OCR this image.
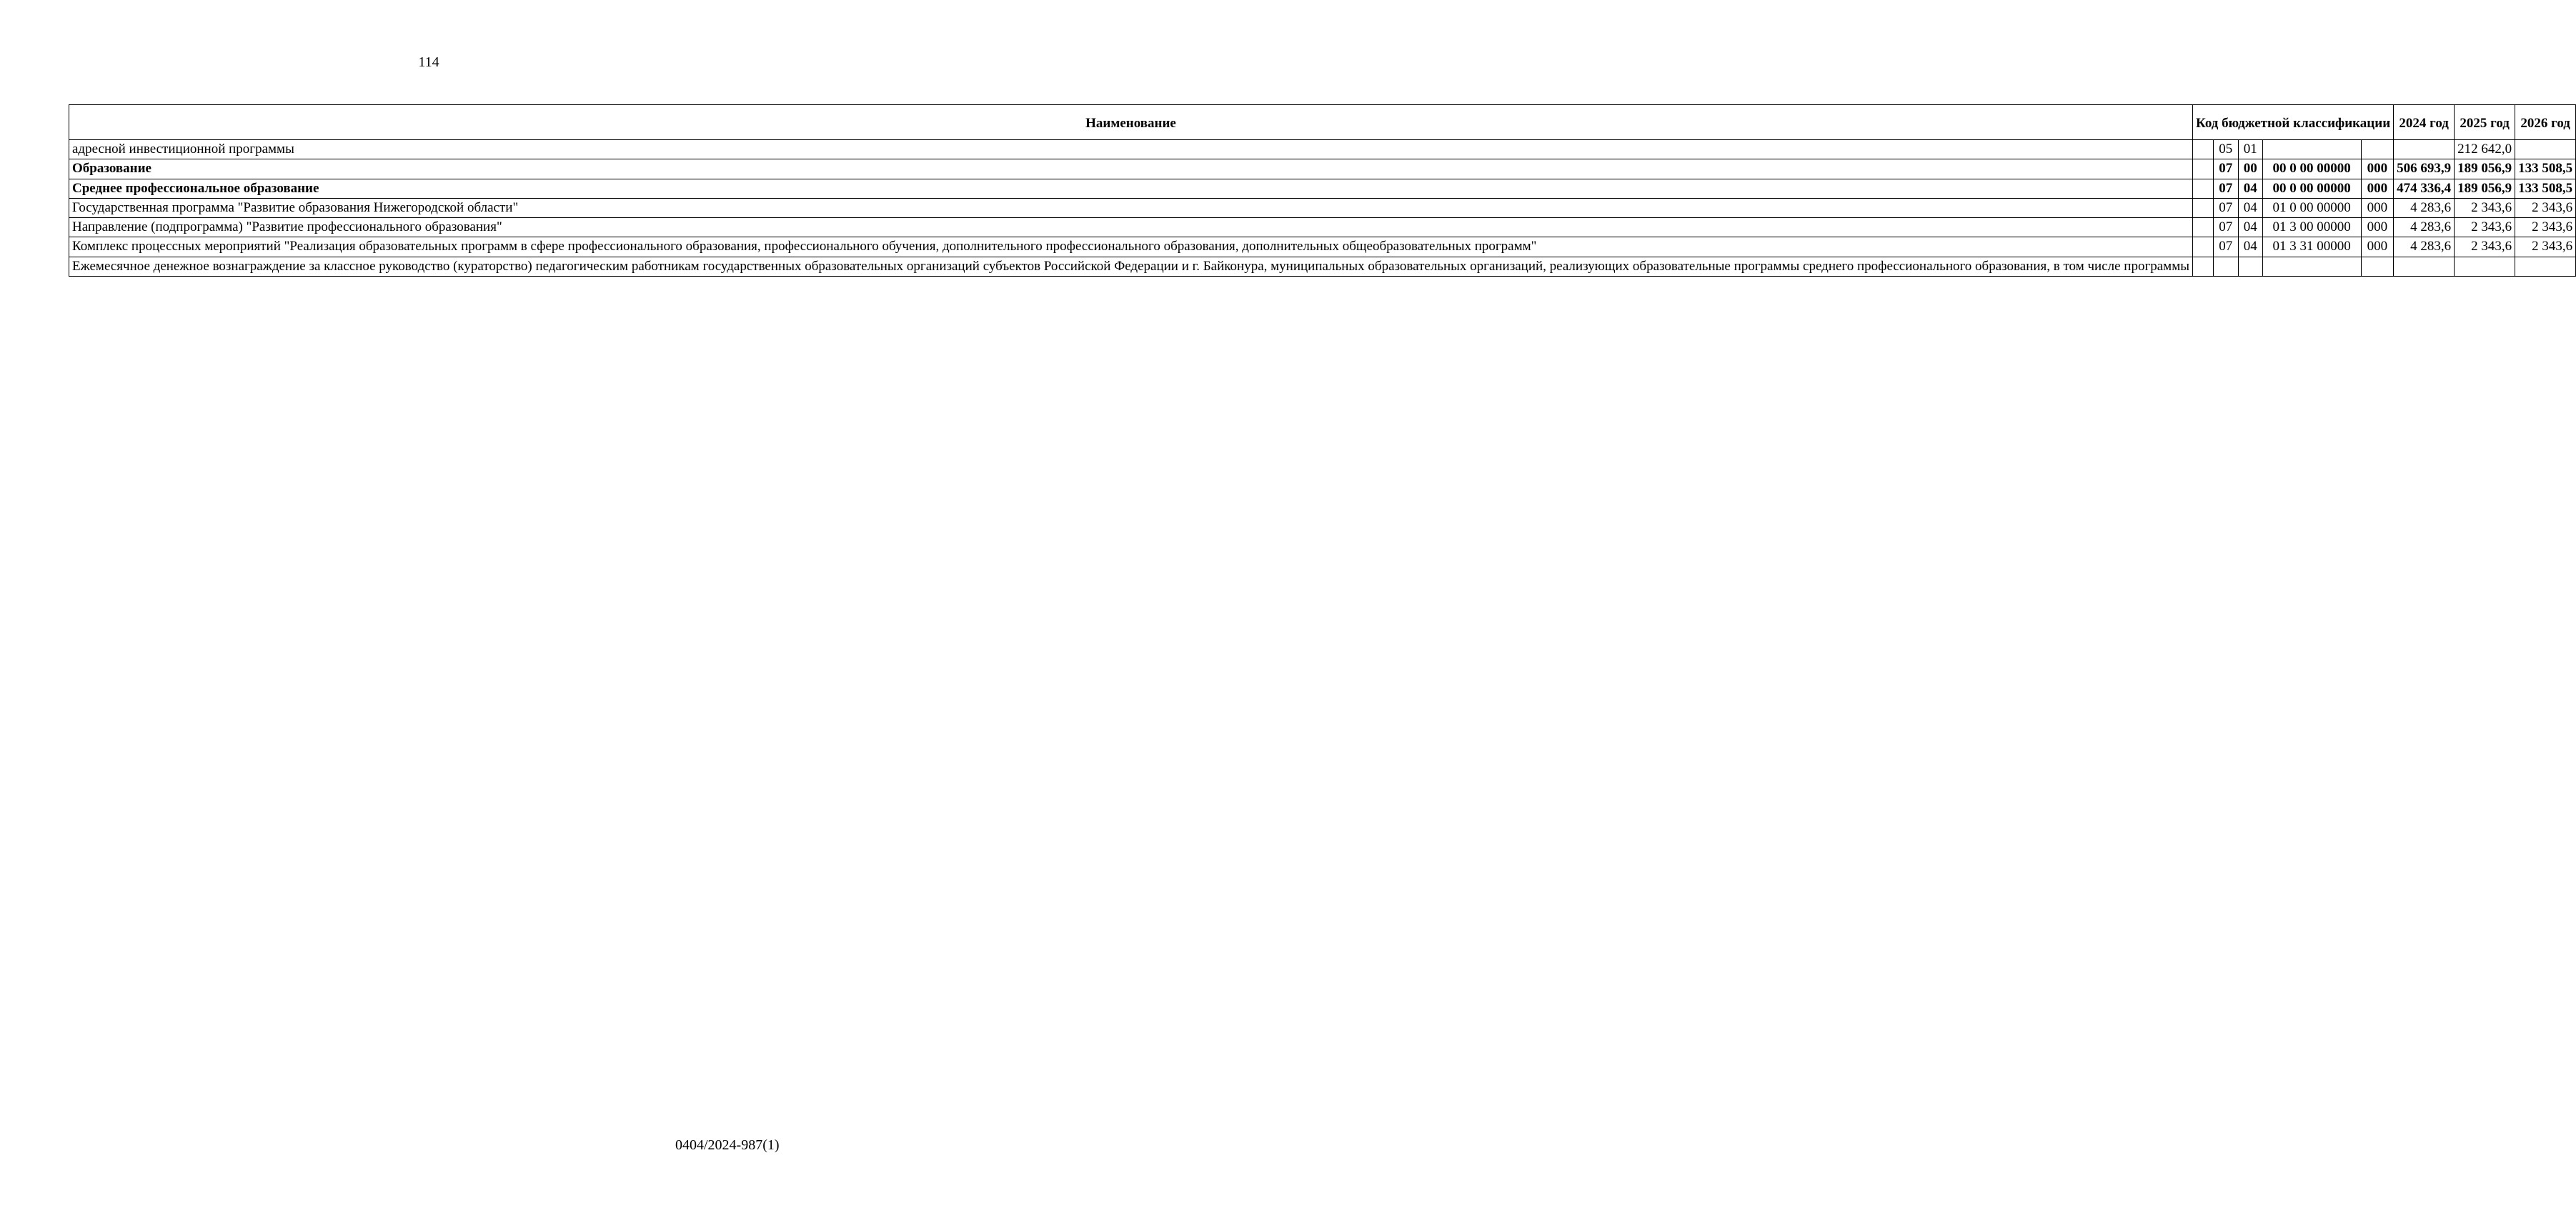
114
Наименование	Код бюджетной классификации					2024 год	2025 год	2026 год
адресной инвестиционной программы		05	01				212 642,0	
Образование		07	00	00 0 00 00000	000	506 693,9	189 056,9	133 508,5
Среднее профессиональное образование		07	04	00 0 00 00000	000	474 336,4	189 056,9	133 508,5
Государственная программа "Развитие образования Нижегородской области"		07	04	01 0 00 00000	000	4 283,6	2 343,6	2 343,6
Направление (подпрограмма) "Развитие профессионального образования"		07	04	01 3 00 00000	000	4 283,6	2 343,6	2 343,6
Комплекс процессных мероприятий "Реализация образовательных программ в сфере профессионального образования, профессионального обучения, дополнительного профессионального образования, дополнительных общеобразовательных программ"		07	04	01 3 31 00000	000	4 283,6	2 343,6	2 343,6
Ежемесячное денежное вознаграждение за классное руководство (кураторство) педагогическим работникам государственных образовательных организаций субъектов Российской Федерации и г. Байконура, муниципальных образовательных организаций, реализующих образовательные программы среднего профессионального образования, в том числе программы								
0404/2024-987(1)
